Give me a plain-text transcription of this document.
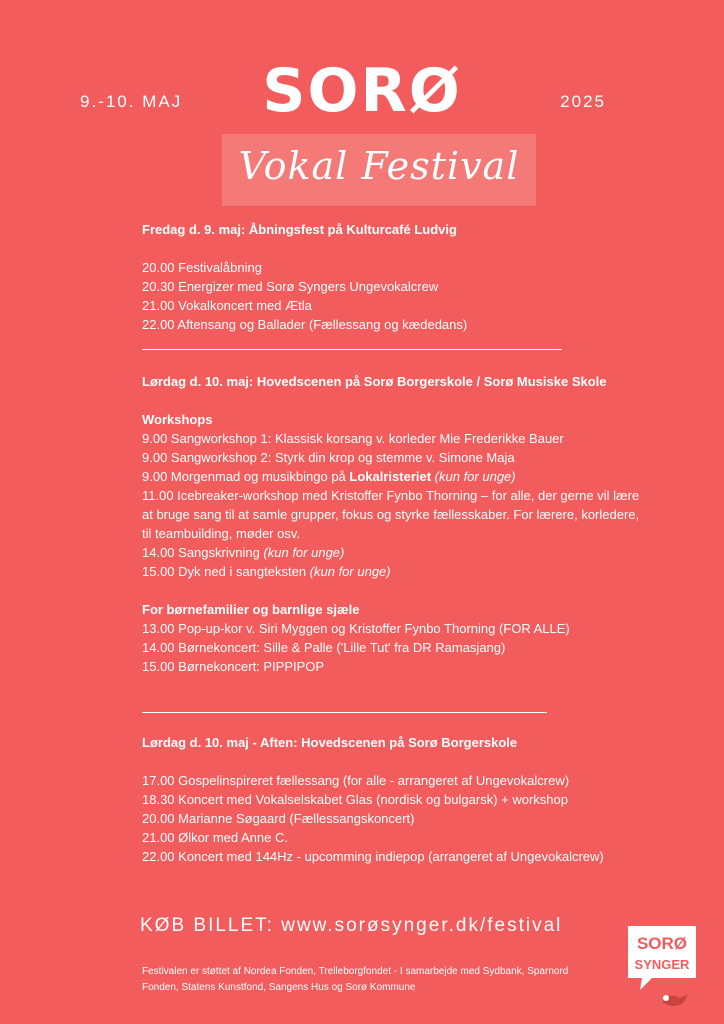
9.-10. MAJ	SORØ	2025
Vokal Festival
Fredag d. 9. maj: Åbningsfest på Kulturcafé Ludvig
20.00 Festivalåbning
20.30 Energizer med Sorø Syngers Ungevokalcrew
21.00 Vokalkoncert med Ætla
22.00 Aftensang og Ballader (Fællessang og kædedans)
Lørdag d. 10. maj: Hovedscenen på Sorø Borgerskole / Sorø Musiske Skole
Workshops
9.00 Sangworkshop 1: Klassisk korsang v. korleder Mie Frederikke Bauer
9.00 Sangworkshop 2: Styrk din krop og stemme v. Simone Maja
9.00 Morgenmad og musikbingo på Lokalristeriet (kun for unge)
11.00 Icebreaker-workshop med Kristoffer Fynbo Thorning – for alle, der gerne vil lære at bruge sang til at samle grupper, fokus og styrke fællesskaber. For lærere, korledere, til teambuilding, møder osv.
14.00 Sangskrivning (kun for unge)
15.00 Dyk ned i sangteksten (kun for unge)
For børnefamilier og barnlige sjæle
13.00 Pop-up-kor v. Siri Myggen og Kristoffer Fynbo Thorning (FOR ALLE)
14.00 Børnekoncert: Sille & Palle ('Lille Tut' fra DR Ramasjang)
15.00 Børnekoncert: PIPPIPOP
Lørdag d. 10. maj - Aften: Hovedscenen på Sorø Borgerskole
17.00 Gospelinspireret fællessang (for alle - arrangeret af Ungevokalcrew)
18.30 Koncert med Vokalselskabet Glas (nordisk og bulgarsk) + workshop
20.00 Marianne Søgaard (Fællessangskoncert)
21.00 Ølkor med Anne C.
22.00 Koncert med 144Hz - upcomming indiepop (arrangeret af Ungevokalcrew)
KØB BILLET: www.sorøsynger.dk/festival
Festivalen er støttet af Nordea Fonden, Trelleborgfondet - I samarbejde med Sydbank, Sparnord Fonden, Statens Kunstfond, Sangens Hus og Sorø Kommune
SORØ
SYNGER
